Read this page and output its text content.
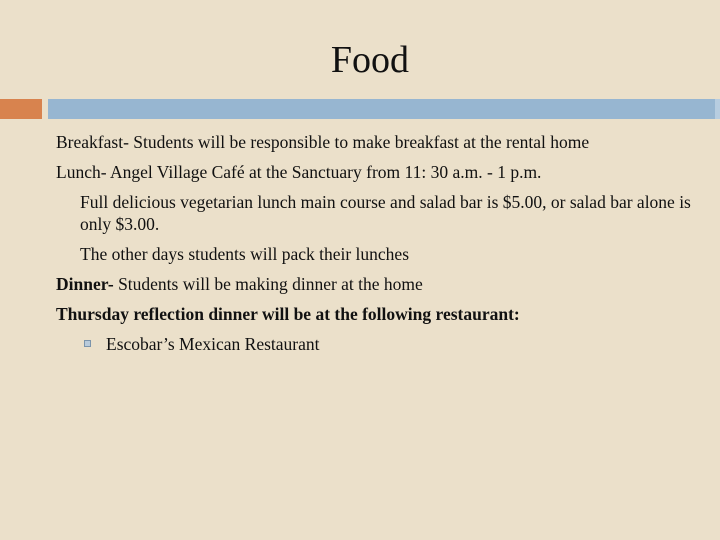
Food
Breakfast- Students will be responsible to make breakfast at the rental home
Lunch- Angel Village Café at the Sanctuary from 11: 30 a.m. - 1 p.m.
Full delicious vegetarian lunch main course and salad bar is $5.00, or salad bar alone is only $3.00.
The other days students will pack their lunches
Dinner- Students will be making dinner at the home
Thursday reflection dinner will be at the following restaurant:
Escobar’s Mexican Restaurant
